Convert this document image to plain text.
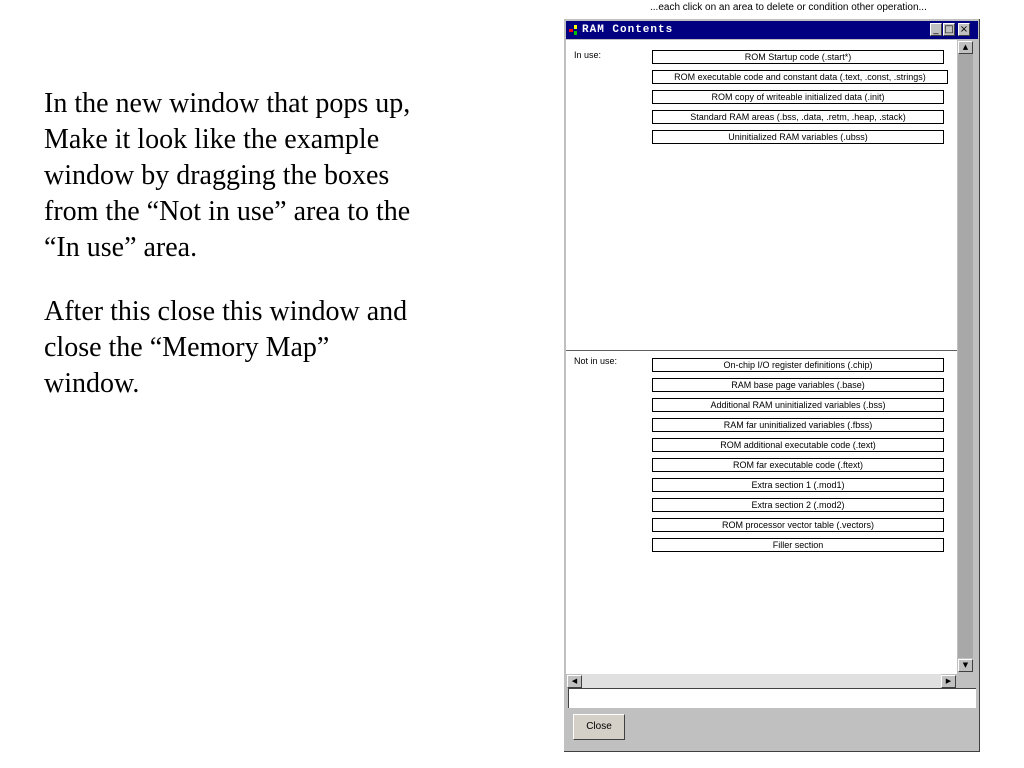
In the new window that pops up, Make it look like the example window by dragging the boxes from the “Not in use” area to the “In use” area.

After this close this window and close the “Memory Map” window.

...each click on an area to delete or condition other operation...
RAM Contents	_ □ ×
In use:	ROM Startup code (.start*)
ROM executable code and constant data (.text, .const, .strings)
ROM copy of writeable initialized data (.init)
Standard RAM areas (.bss, .data, .retm, .heap, .stack)
Uninitialized RAM variables (.ubss)
Not in use:	On-chip I/O register definitions (.chip)
RAM base page variables (.base)
Additional RAM uninitialized variables (.bss)
RAM far uninitialized variables (.fbss)
ROM additional executable code (.text)
ROM far executable code (.ftext)
Extra section 1 (.mod1)
Extra section 2 (.mod2)
ROM processor vector table (.vectors)
Filler section
▲
▼
◀	▶
Close
